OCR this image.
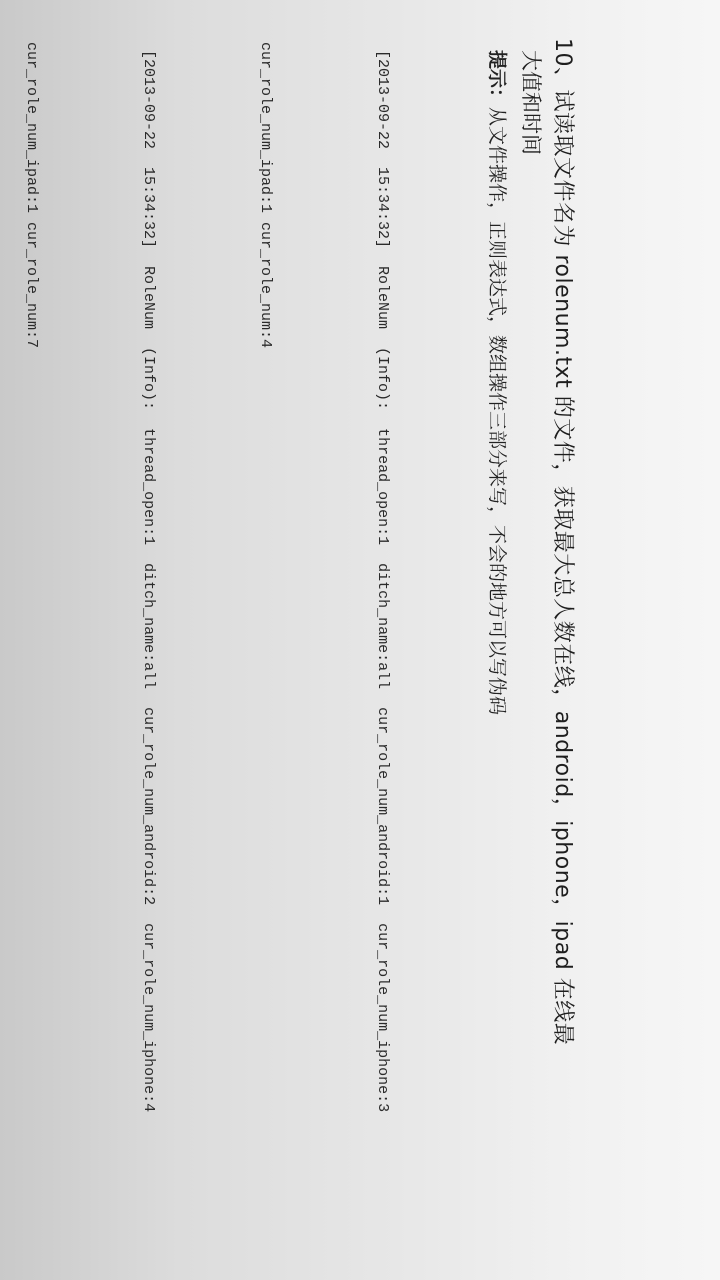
10、试读取文件名为 rolenum.txt 的文件，获取最大总人数在线，android，iphone，ipad 在线最

大值和时间

提示：从文件操作，正则表达式，数组操作三部分来写，不会的地方可以写伪码

[2013-09-22  15:34:32]  RoleNum  (Info):  thread_open:1  ditch_name:all  cur_role_num_android:1  cur_role_num_iphone:3

cur_role_num_ipad:1 cur_role_num:4

[2013-09-22  15:34:32]  RoleNum  (Info):  thread_open:1  ditch_name:all  cur_role_num_android:2  cur_role_num_iphone:4

cur_role_num_ipad:1 cur_role_num:7
